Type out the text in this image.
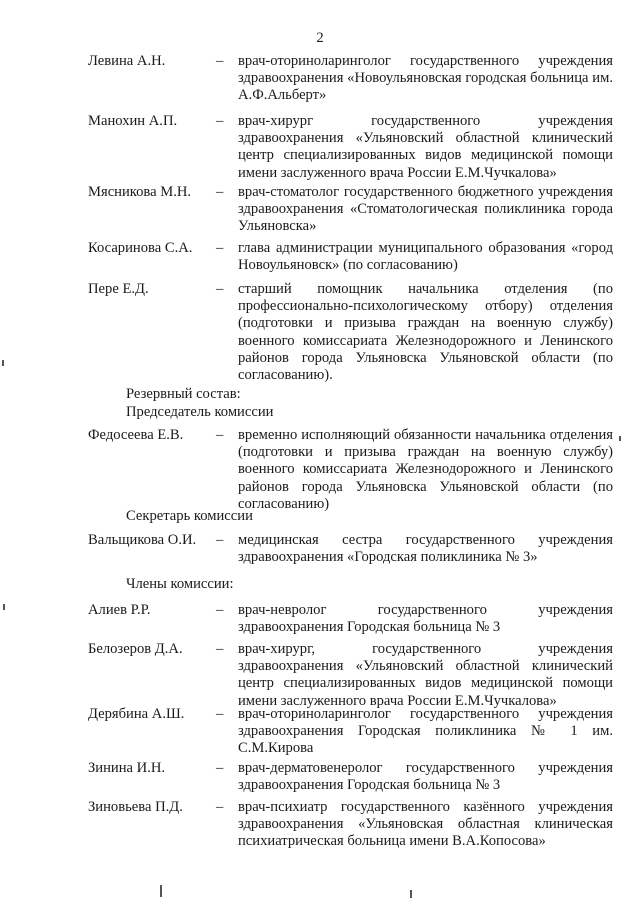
2
Левина А.Н.	– врач-оториноларинголог государственного учреждения здравоохранения «Новоульяновская городская больница им. А.Ф.Альберт»
Манохин А.П.	– врач-хирург государственного учреждения здравоохранения «Ульяновский областной клинический центр специализированных видов медицинской помощи имени заслуженного врача России Е.М.Чучкалова»
Мясникова М.Н. – врач-стоматолог государственного бюджетного учреждения здравоохранения «Стоматологическая поликлиника города Ульяновска»
Косаринова С.А. – глава администрации муниципального образования «город Новоульяновск» (по согласованию)
Пере Е.Д.	– старший помощник начальника отделения (по профессионально-психологическому отбору) отделения (подготовки и призыва граждан на военную службу) военного комиссариата Железнодорожного и Ленинского районов города Ульяновска Ульяновской области (по согласованию).
Резервный состав:
Председатель комиссии
Федосеева Е.В. – временно исполняющий обязанности начальника отделения (подготовки и призыва граждан на военную службу) военного комиссариата Железнодорожного и Ленинского районов города Ульяновска Ульяновской области (по согласованию)
Секретарь комиссии
Вальщикова О.И. – медицинская сестра государственного учреждения здравоохранения «Городская поликлиника № 3»
Члены комиссии:
Алиев Р.Р.	– врач-невролог государственного учреждения здравоохранения Городская больница № 3
Белозеров Д.А. – врач-хирург, государственного учреждения здравоохранения «Ульяновский областной клинический центр специализированных видов медицинской помощи имени заслуженного врача России Е.М.Чучкалова»
Дерябина А.Ш. – врач-оториноларинголог государственного учреждения здравоохранения Городская поликлиника № 1 им. С.М.Кирова
Зинина И.Н.	– врач-дерматовенеролог государственного учреждения здравоохранения Городская больница № 3
Зиновьева П.Д. – врач-психиатр государственного казённого учреждения здравоохранения «Ульяновская областная клиническая психиатрическая больница имени В.А.Копосова»
